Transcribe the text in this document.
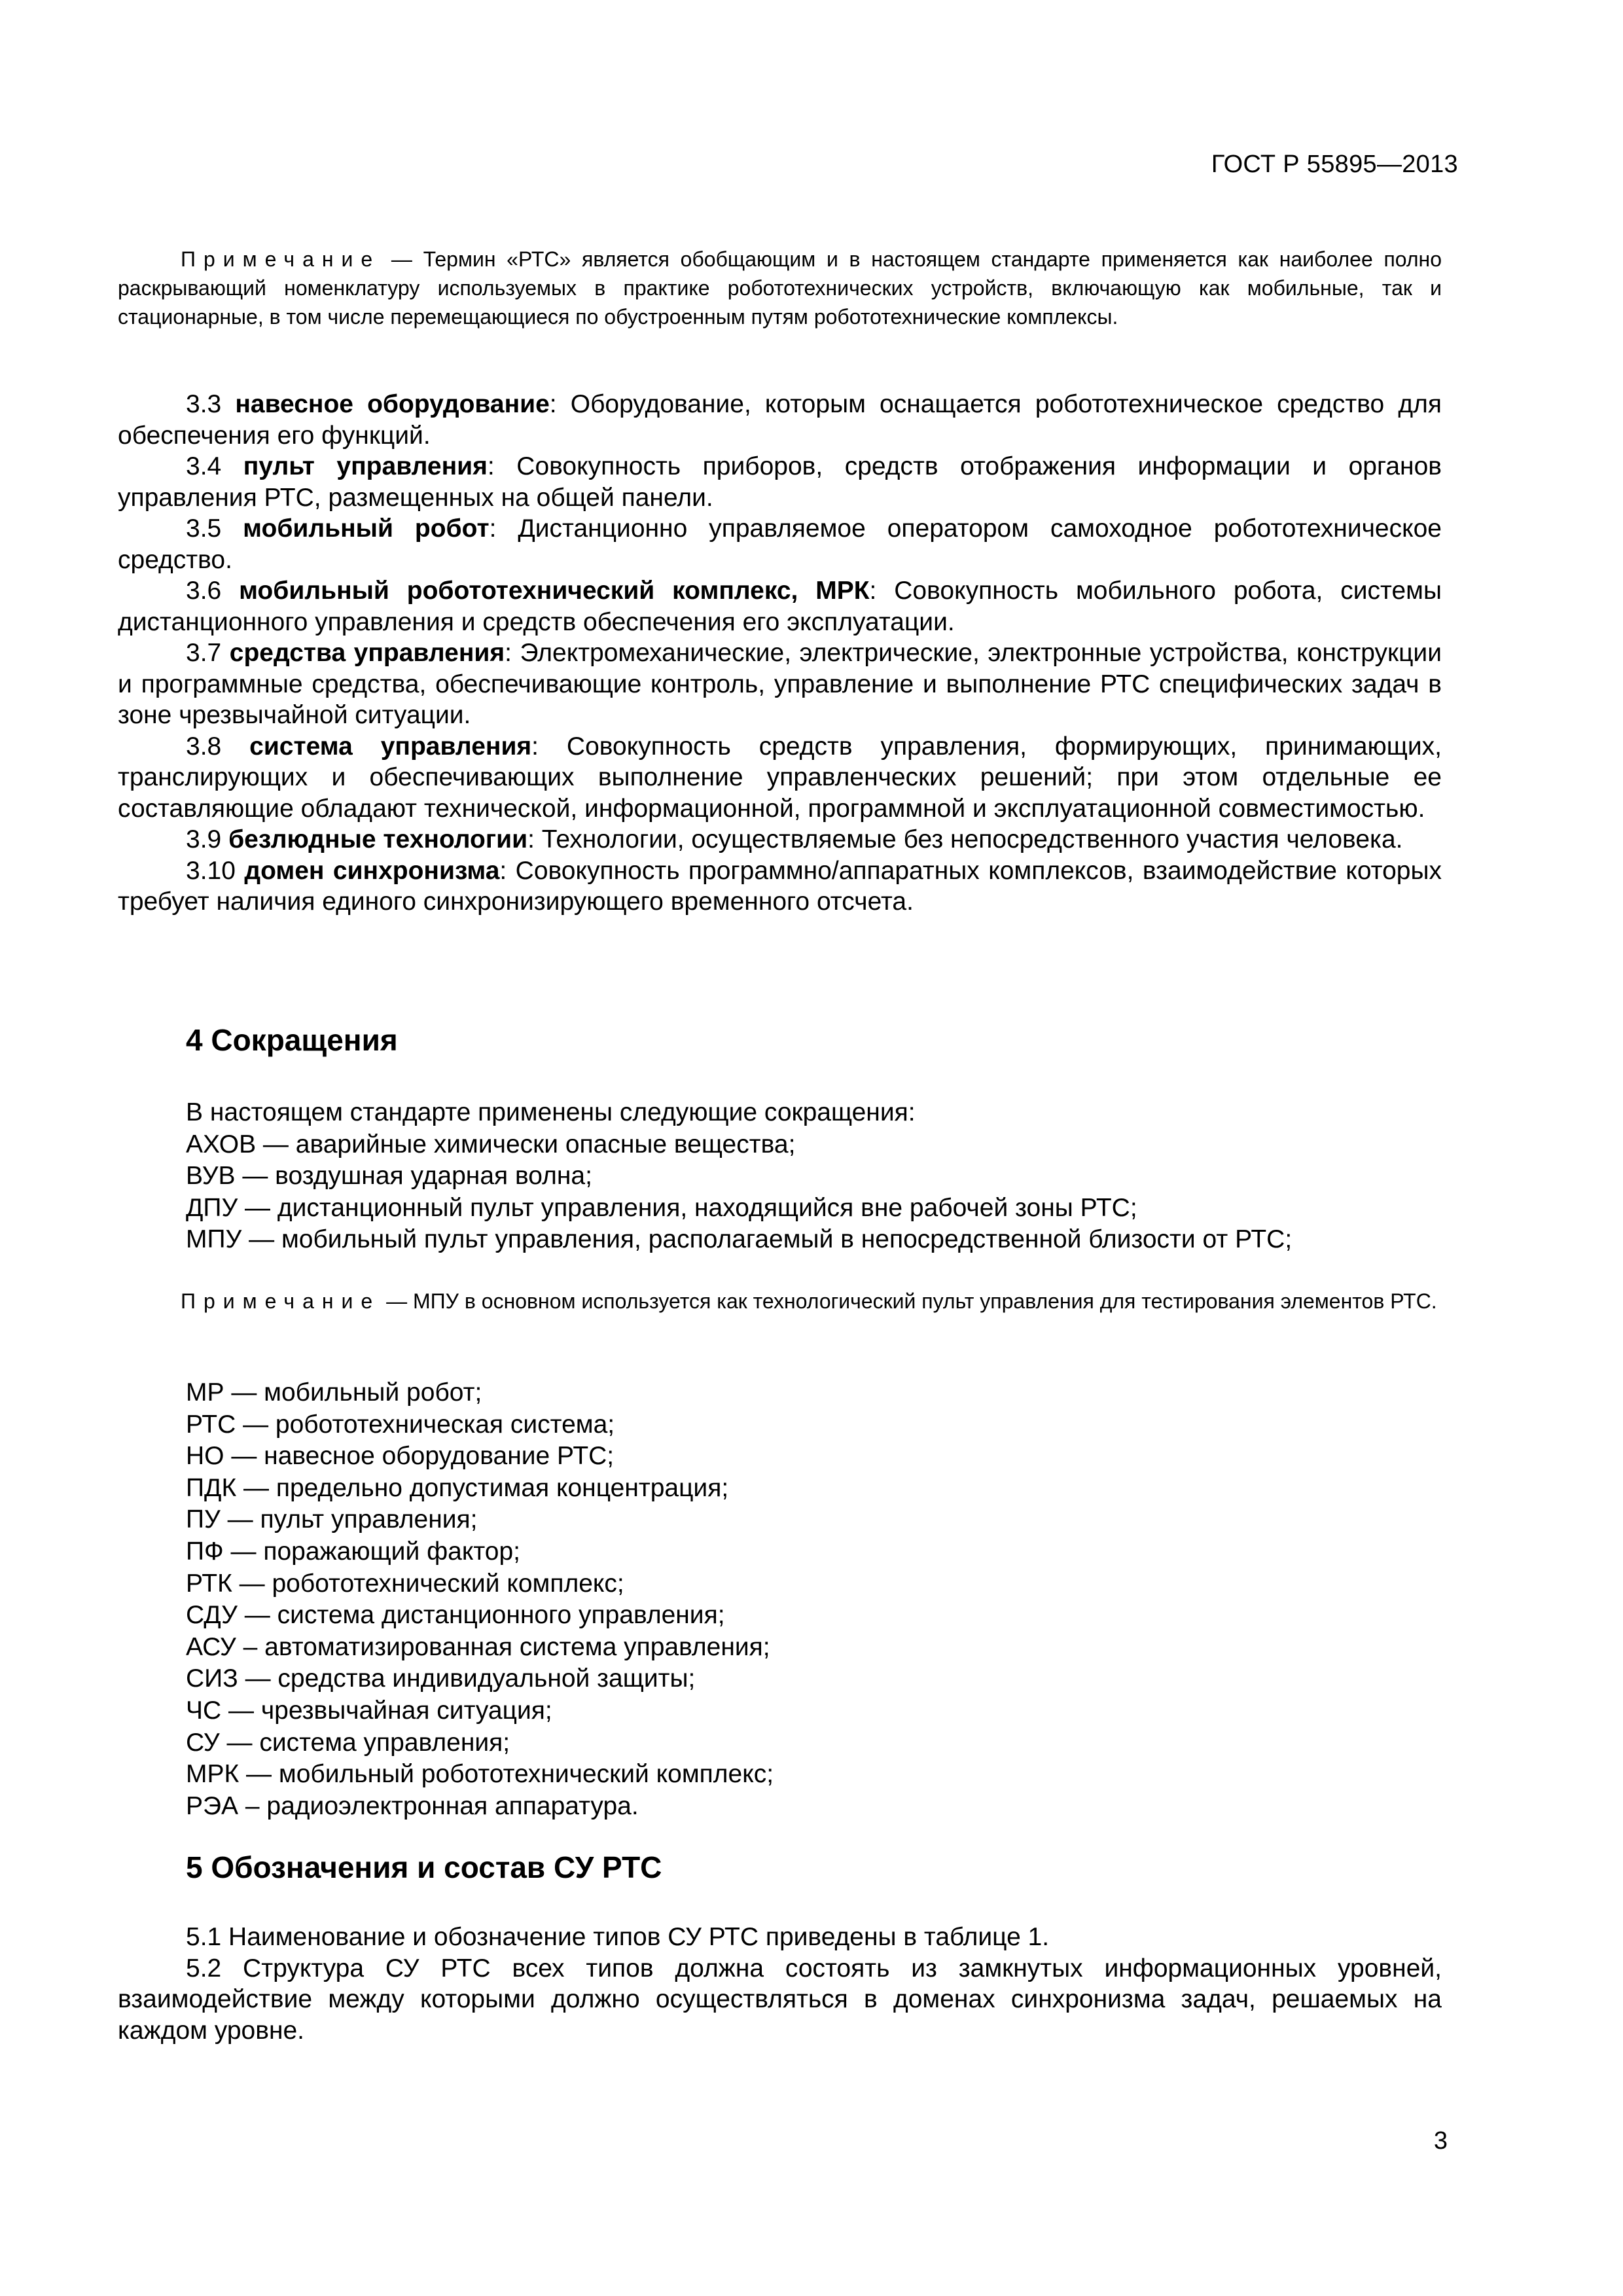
ГОСТ Р 55895—2013
Примечание — Термин «РТС» является обобщающим и в настоящем стандарте применяется как наиболее полно раскрывающий номенклатуру используемых в практике робототехнических устройств, включающую как мобильные, так и стационарные, в том числе перемещающиеся по обустроенным путям робототехнические комплексы.
3.3 навесное оборудование: Оборудование, которым оснащается робототехническое средство для обеспечения его функций.
3.4 пульт управления: Совокупность приборов, средств отображения информации и органов управления РТС, размещенных на общей панели.
3.5 мобильный робот: Дистанционно управляемое оператором самоходное робототехническое средство.
3.6 мобильный робототехнический комплекс, МРК: Совокупность мобильного робота, системы дистанционного управления и средств обеспечения его эксплуатации.
3.7 средства управления: Электромеханические, электрические, электронные устройства, конструкции и программные средства, обеспечивающие контроль, управление и выполнение РТС специфических задач в зоне чрезвычайной ситуации.
3.8 система управления: Совокупность средств управления, формирующих, принимающих, транслирующих и обеспечивающих выполнение управленческих решений; при этом отдельные ее составляющие обладают технической, информационной, программной и эксплуатационной совместимостью.
3.9 безлюдные технологии: Технологии, осуществляемые без непосредственного участия человека.
3.10 домен синхронизма: Совокупность программно/аппаратных комплексов, взаимодействие которых требует наличия единого синхронизирующего временного отсчета.
4 Сокращения
В настоящем стандарте применены следующие сокращения:
АХОВ — аварийные химически опасные вещества;
ВУВ — воздушная ударная волна;
ДПУ — дистанционный пульт управления, находящийся вне рабочей зоны РТС;
МПУ — мобильный пульт управления, располагаемый в непосредственной близости от РТС;
Примечание — МПУ в основном используется как технологический пульт управления для тестирования элементов РТС.
МР — мобильный робот;
РТС — робототехническая система;
НО — навесное оборудование РТС;
ПДК — предельно допустимая концентрация;
ПУ — пульт управления;
ПФ — поражающий фактор;
РТК — робототехнический комплекс;
СДУ — система дистанционного управления;
АСУ – автоматизированная система управления;
СИЗ — средства индивидуальной защиты;
ЧС — чрезвычайная ситуация;
СУ — система управления;
МРК — мобильный робототехнический комплекс;
РЭА – радиоэлектронная аппаратура.
5 Обозначения и состав СУ РТС
5.1 Наименование и обозначение типов СУ РТС приведены в таблице 1.
5.2 Структура СУ РТС всех типов должна состоять из замкнутых информационных уровней, взаимодействие между которыми должно осуществляться в доменах синхронизма задач, решаемых на каждом уровне.
3
